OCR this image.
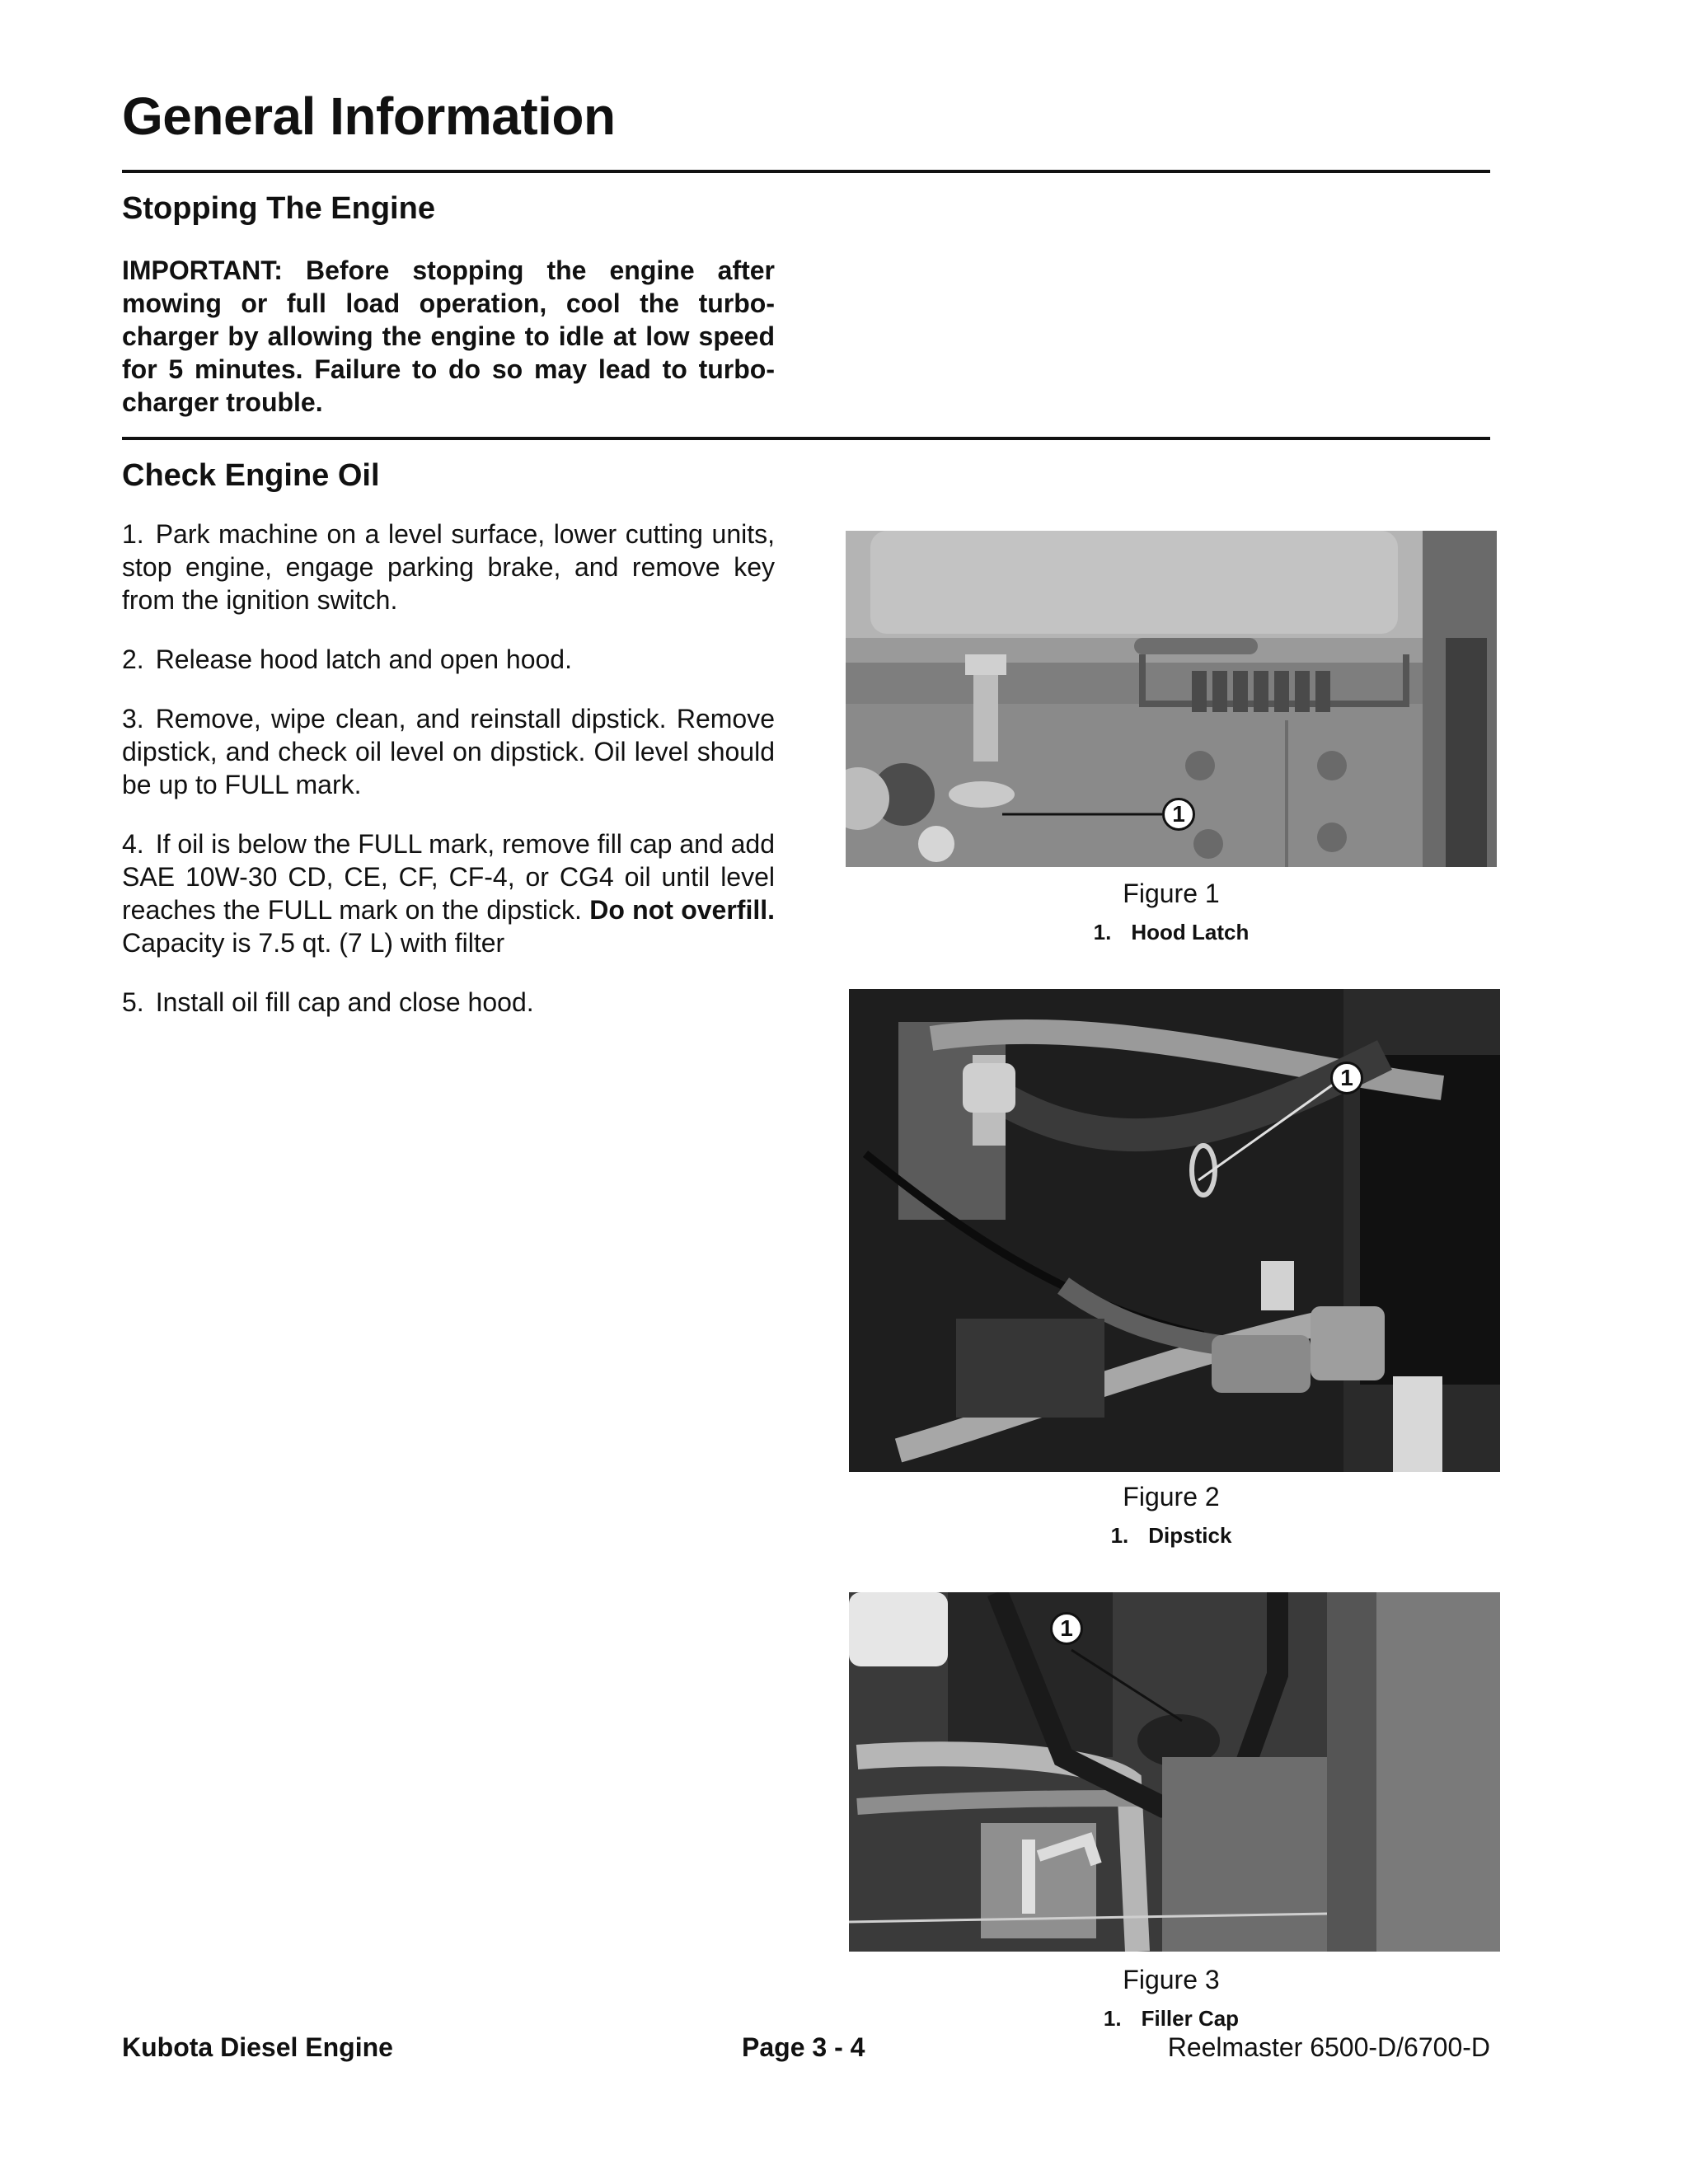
General Information
Stopping The Engine
IMPORTANT: Before stopping the engine after mowing or full load operation, cool the turbo-charger by allowing the engine to idle at low speed for 5 minutes. Failure to do so may lead to turbo-charger trouble.
Check Engine Oil
1. Park machine on a level surface, lower cutting units, stop engine, engage parking brake, and remove key from the ignition switch.
2. Release hood latch and open hood.
3. Remove, wipe clean, and reinstall dipstick. Remove dipstick, and check oil level on dipstick. Oil level should be up to FULL mark.
4. If oil is below the FULL mark, remove fill cap and add SAE 10W-30 CD, CE, CF, CF-4, or CG4 oil until level reaches the FULL mark on the dipstick. Do not overfill. Capacity is 7.5 qt. (7 L) with filter
5. Install oil fill cap and close hood.
1
Figure 1
1. Hood Latch
1
Figure 2
1. Dipstick
1
Figure 3
1. Filler Cap
Kubota Diesel Engine	Page 3 - 4	Reelmaster 6500-D/6700-D
